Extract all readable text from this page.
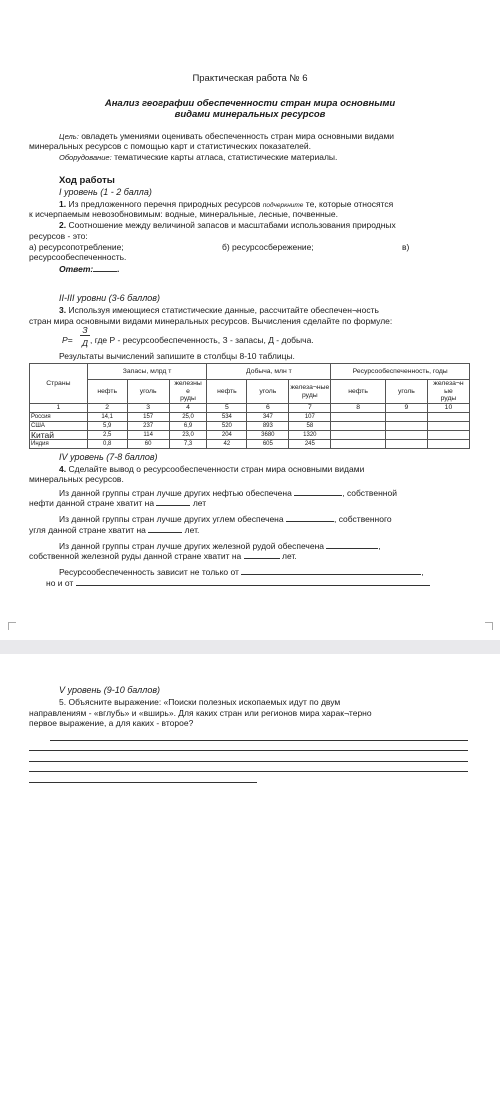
Практическая работа № 6
Анализ географии обеспеченности стран мира основными
видами минеральных ресурсов
Цель: овладеть умениями оценивать обеспеченность стран мира основными видами
минеральных ресурсов с помощью карт и статистических показателей.
Оборудование: тематические карты атласа, статистические материалы.
Ход работы
I уровень (1 - 2 балла)
1. Из предложенного перечня природных ресурсов подчеркните те, которые относятся
к исчерпаемым невозобновимым: водные, минеральные, лесные, почвенные.
2. Соотношение между величиной запасов и масштабами использования природных
ресурсов - это:
а) ресурсопотребление;	б) ресурсосбережение;	в)
ресурсообеспеченность.
Ответ:	.
II-III уровни (3-6 баллов)
3. Используя имеющиеся статистические данные, рассчитайте обеспечен¬ность
стран мира основными видами минеральных ресурсов. Вычисления сделайте по формуле:
Р=
З
Д , где Р - ресурсообеспеченность, З - запасы, Д - добыча.
Результаты вычислений запишите в столбцы 8-10 таблицы.
Страны	Запасы, млрд т			Добыча, млн т			Ресурсообеспеченность, годы		
	нефть	уголь	железны
е
руды	нефть	уголь	железа¬ные
руды	нефть	уголь	железа¬н
ые
руды
1	2	3	4	5	6	7	8	9	10
Россия	14,1	157	25,0	534	347	107			
США	5,9	237	6,9	520	893	58			
Китай	2,5	114	23,0	204	3680	1320			
Индия	0,8	60	7,3	42	605	245			
IV уровень (7-8 баллов)
4. Сделайте вывод о ресурсообеспеченности стран мира основными видами
минеральных ресурсов.
Из данной группы стран лучше других нефтью обеспечена	, собственной
нефти данной стране хватит на	лет
Из данной группы стран лучше других углем обеспечена	, собственного
угля данной стране хватит на	лет.
Из данной группы стран лучше других железной рудой обеспечена	,
собственной железной руды данной стране хватит на	лет.
Ресурсообеспеченность зависит не только от	,
но и от
V уровень (9-10 баллов)
5. Объясните выражение: «Поиски полезных ископаемых идут по двум
направлениям - «вглубь» и «вширь». Для каких стран или регионов мира харак¬терно
первое выражение, а для каких - второе?
